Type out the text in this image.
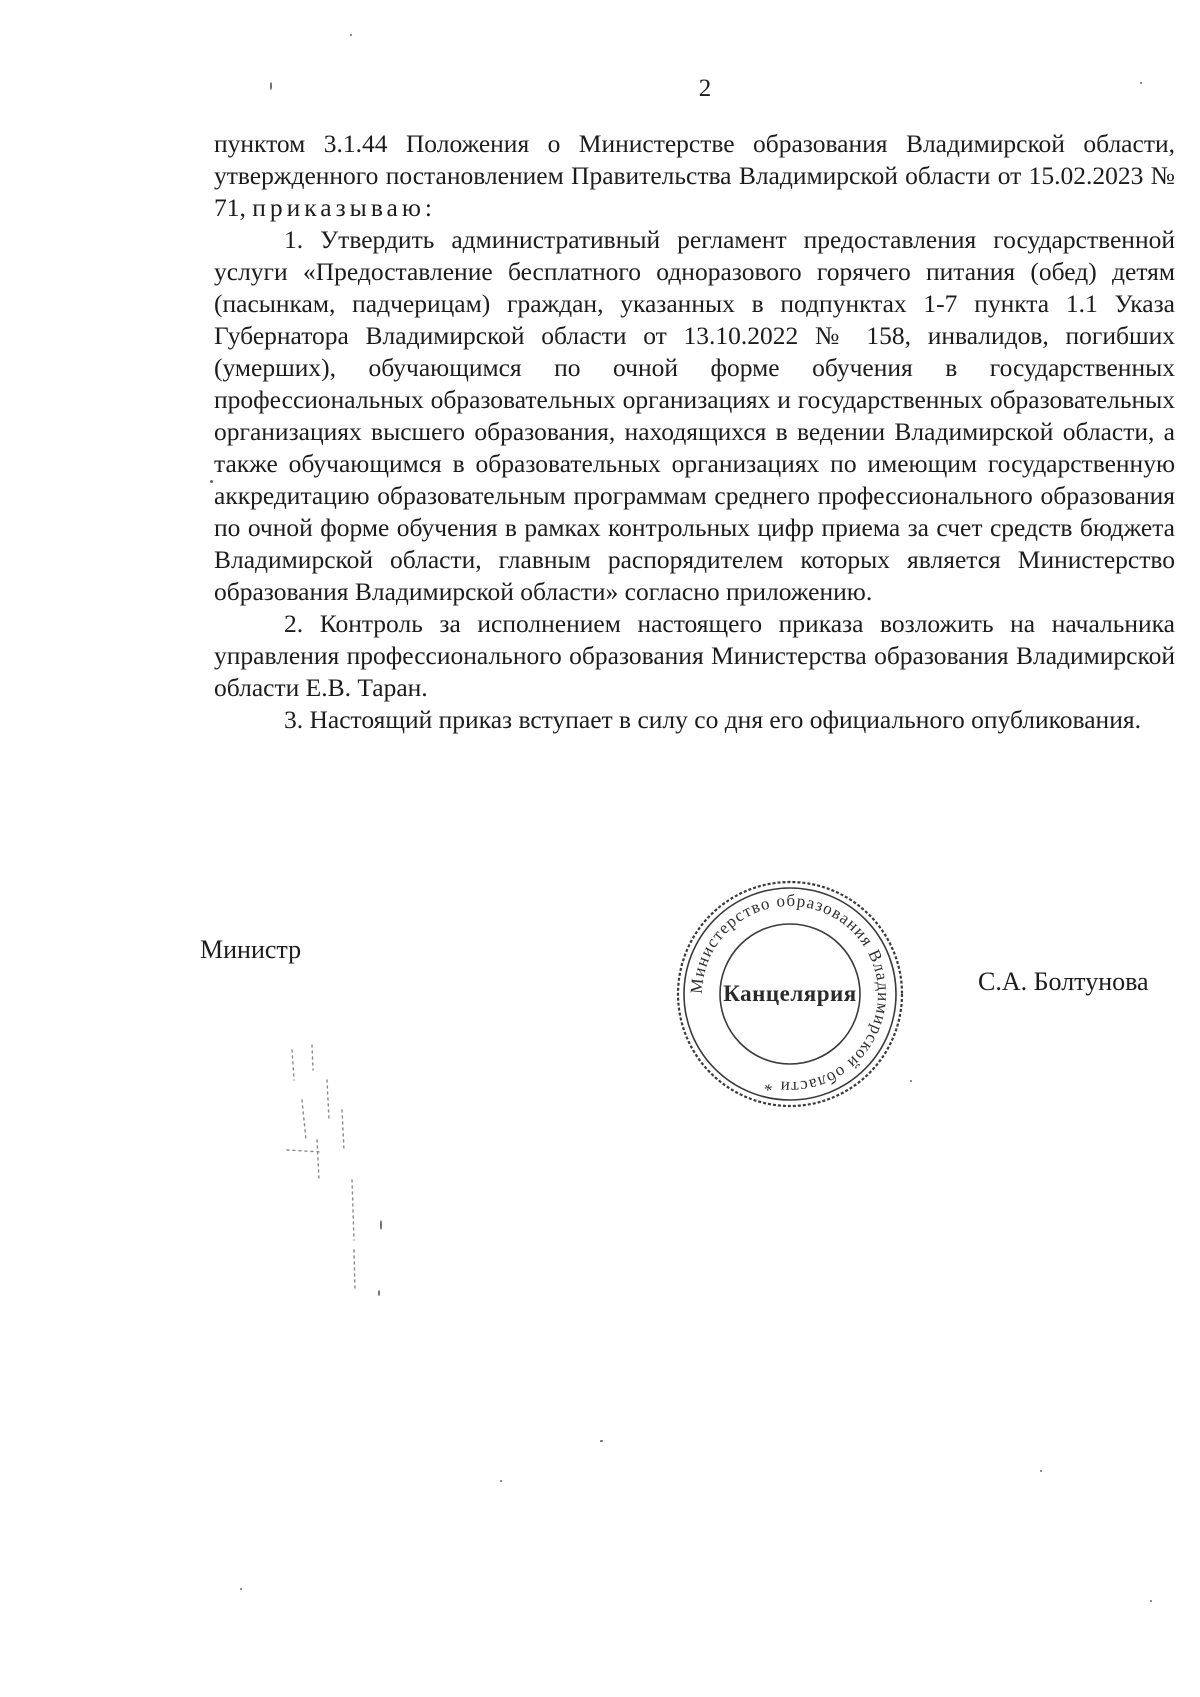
2

пунктом 3.1.44 Положения о Министерстве образования Владимирской области, утвержденного постановлением Правительства Владимирской области от 15.02.2023 № 71, приказываю:

1. Утвердить административный регламент предоставления государственной услуги «Предоставление бесплатного одноразового горячего питания (обед) детям (пасынкам, падчерицам) граждан, указанных в подпунктах 1-7 пункта 1.1 Указа Губернатора Владимирской области от 13.10.2022 № 158, инвалидов, погибших (умерших), обучающимся по очной форме обучения в государственных профессиональных образовательных организациях и государственных образовательных организациях высшего образования, находящихся в ведении Владимирской области, а также обучающимся в образовательных организациях по имеющим государственную аккредитацию образовательным программам среднего профессионального образования по очной форме обучения в рамках контрольных цифр приема за счет средств бюджета Владимирской области, главным распорядителем которых является Министерство образования Владимирской области» согласно приложению.

2. Контроль за исполнением настоящего приказа возложить на начальника управления профессионального образования Министерства образования Владимирской области Е.В. Таран.

3. Настоящий приказ вступает в силу со дня его официального опубликования.

Министр
Министерство образования Владимирской области *
Канцелярия	С.А. Болтунова
